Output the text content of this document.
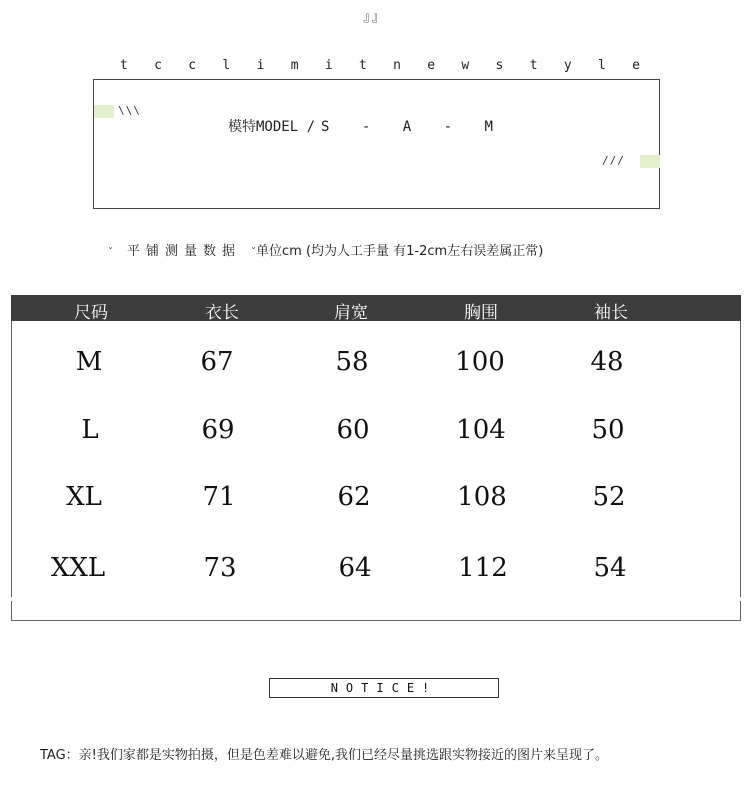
』』
t c c l i m i t n e w s t y l e
\\\
///
模特MODEL / S - A - M
ˇ 平铺测量数据 ˇ单位cm (均为人工手量 有1-2cm左右误差属正常)
尺码	衣长	肩宽	胸围	袖长
M	67	58	100	48
L	69	60	104	50
XL	71	62	108	52
XXL	73	64	112	54
NOTICE!
TAG：亲!我们家都是实物拍摄，但是色差难以避免,我们已经尽量挑选跟实物接近的图片来呈现了。
